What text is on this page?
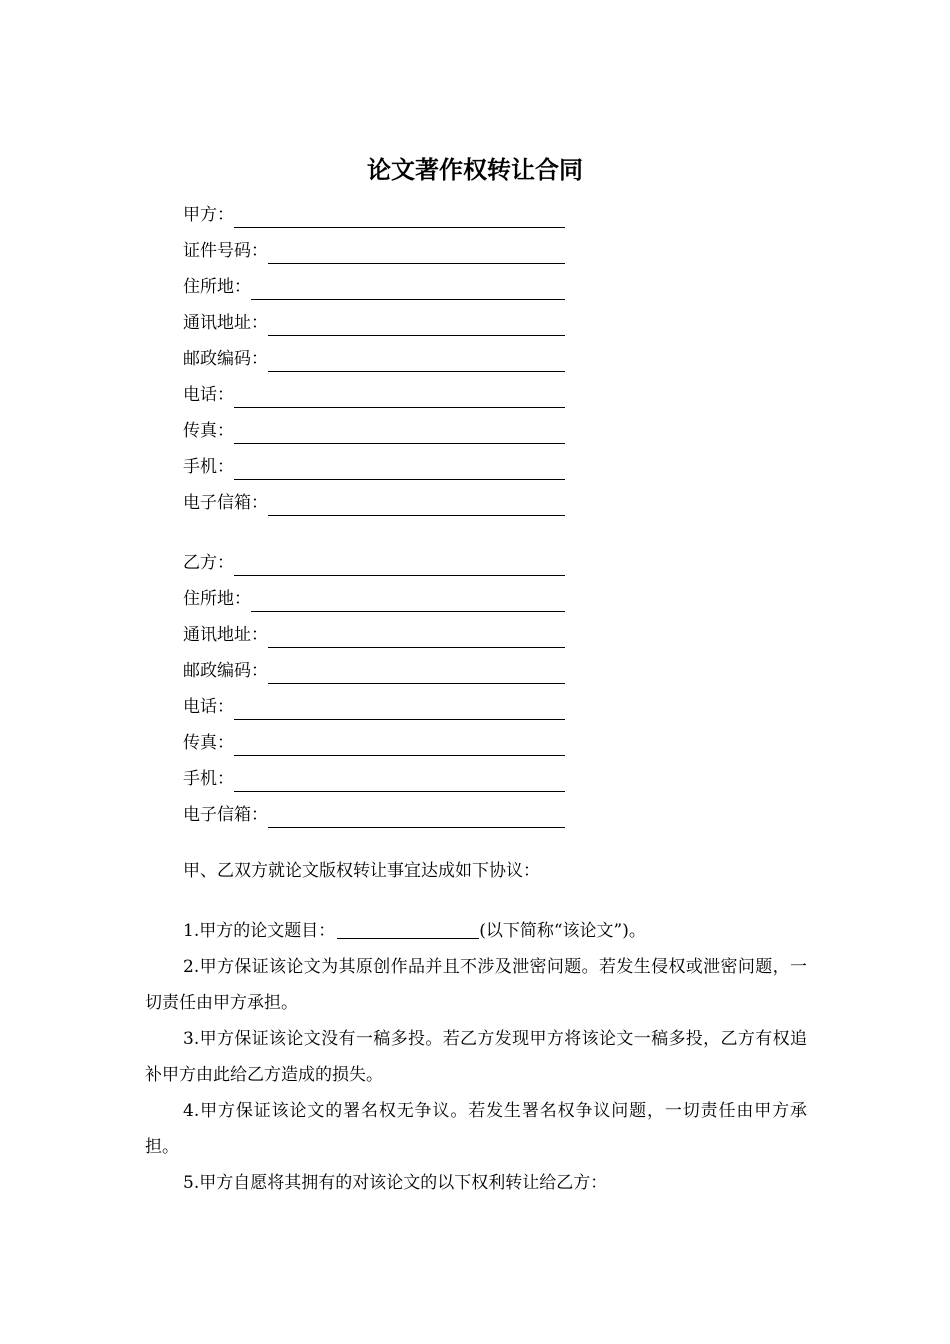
论文著作权转让合同
甲方：
证件号码：
住所地：
通讯地址：
邮政编码：
电话：
传真：
手机：
电子信箱：
乙方：
住所地：
通讯地址：
邮政编码：
电话：
传真：
手机：
电子信箱：

甲、乙双方就论文版权转让事宜达成如下协议：

1.甲方的论文题目：	(以下简称“该论文”)。

2.甲方保证该论文为其原创作品并且不涉及泄密问题。若发生侵权或泄密问题，一切责任由甲方承担。

3.甲方保证该论文没有一稿多投。若乙方发现甲方将该论文一稿多投，乙方有权追补甲方由此给乙方造成的损失。

4.甲方保证该论文的署名权无争议。若发生署名权争议问题，一切责任由甲方承担。

5.甲方自愿将其拥有的对该论文的以下权利转让给乙方：
